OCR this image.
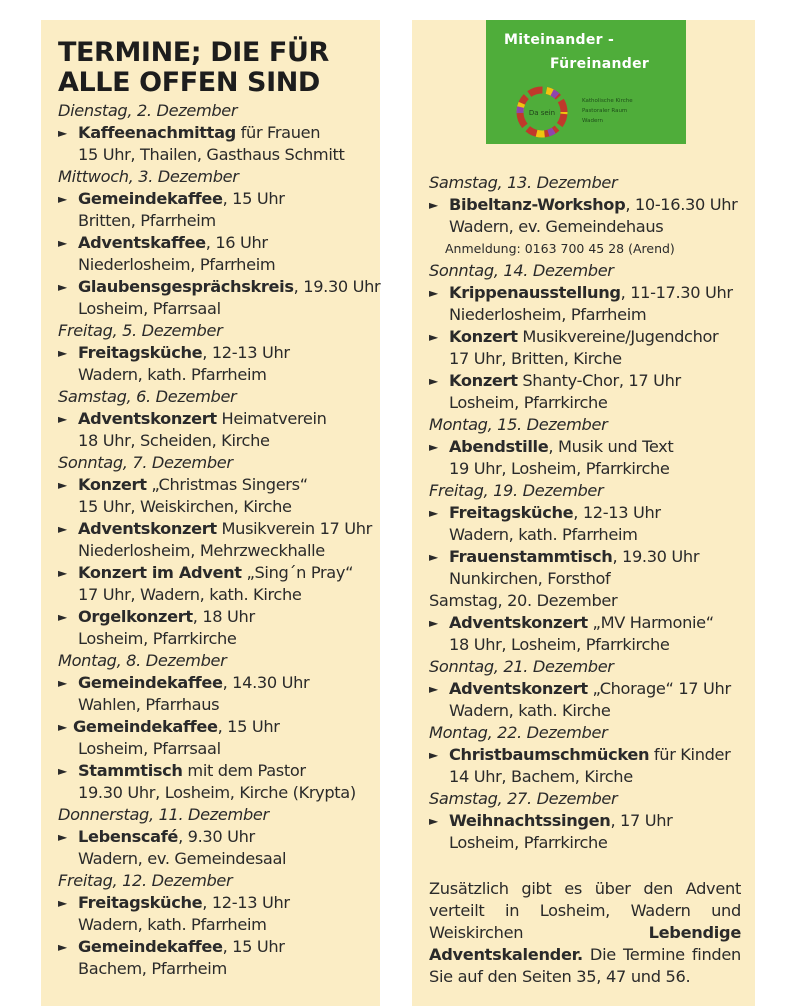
TERMINE; DIE FÜR
ALLE OFFEN SIND
Dienstag, 2. Dezember
► Kaffeenachmittag für Frauen
15 Uhr, Thailen, Gasthaus Schmitt
Mittwoch, 3. Dezember
► Gemeindekaffee, 15 Uhr
Britten, Pfarrheim
► Adventskaffee, 16 Uhr
Niederlosheim, Pfarrheim
► Glaubensgesprächskreis, 19.30 Uhr
Losheim, Pfarrsaal
Freitag, 5. Dezember
► Freitagsküche, 12-13 Uhr
Wadern, kath. Pfarrheim
Samstag, 6. Dezember
► Adventskonzert Heimatverein
18 Uhr, Scheiden, Kirche
Sonntag, 7. Dezember
► Konzert „Christmas Singers“
15 Uhr, Weiskirchen, Kirche
► Adventskonzert Musikverein 17 Uhr
Niederlosheim, Mehrzweckhalle
► Konzert im Advent „Sing´n Pray“
17 Uhr, Wadern, kath. Kirche
► Orgelkonzert, 18 Uhr
Losheim, Pfarrkirche
Montag, 8. Dezember
► Gemeindekaffee, 14.30 Uhr
Wahlen, Pfarrhaus
► Gemeindekaffee, 15 Uhr
Losheim, Pfarrsaal
► Stammtisch mit dem Pastor
19.30 Uhr, Losheim, Kirche (Krypta)
Donnerstag, 11. Dezember
► Lebenscafé, 9.30 Uhr
Wadern, ev. Gemeindesaal
Freitag, 12. Dezember
► Freitagsküche, 12-13 Uhr
Wadern, kath. Pfarrheim
► Gemeindekaffee, 15 Uhr
Bachem, Pfarrheim
Samstag, 13. Dezember
► Bibeltanz-Workshop, 10-16.30 Uhr
Wadern, ev. Gemeindehaus
Anmeldung: 0163 700 45 28 (Arend)
Sonntag, 14. Dezember
► Krippenausstellung, 11-17.30 Uhr
Niederlosheim, Pfarrheim
► Konzert Musikvereine/Jugendchor
17 Uhr, Britten, Kirche
► Konzert Shanty-Chor, 17 Uhr
Losheim, Pfarrkirche
Montag, 15. Dezember
► Abendstille, Musik und Text
19 Uhr, Losheim, Pfarrkirche
Freitag, 19. Dezember
► Freitagsküche, 12-13 Uhr
Wadern, kath. Pfarrheim
► Frauenstammtisch, 19.30 Uhr
Nunkirchen, Forsthof
Samstag, 20. Dezember
► Adventskonzert „MV Harmonie“
18 Uhr, Losheim, Pfarrkirche
Sonntag, 21. Dezember
► Adventskonzert „Chorage“ 17 Uhr
Wadern, kath. Kirche
Montag, 22. Dezember
► Christbaumschmücken für Kinder
14 Uhr, Bachem, Kirche
Samstag, 27. Dezember
► Weihnachtssingen, 17 Uhr
Losheim, Pfarrkirche
Miteinander -
Füreinander
Da sein
Katholische Kirche
Pastoraler Raum
Wadern
Zusätzlich gibt es über den Advent verteilt in Losheim, Wadern und Weiskirchen Lebendige Adventskalender. Die Termine finden Sie auf den Seiten 35, 47 und 56.
